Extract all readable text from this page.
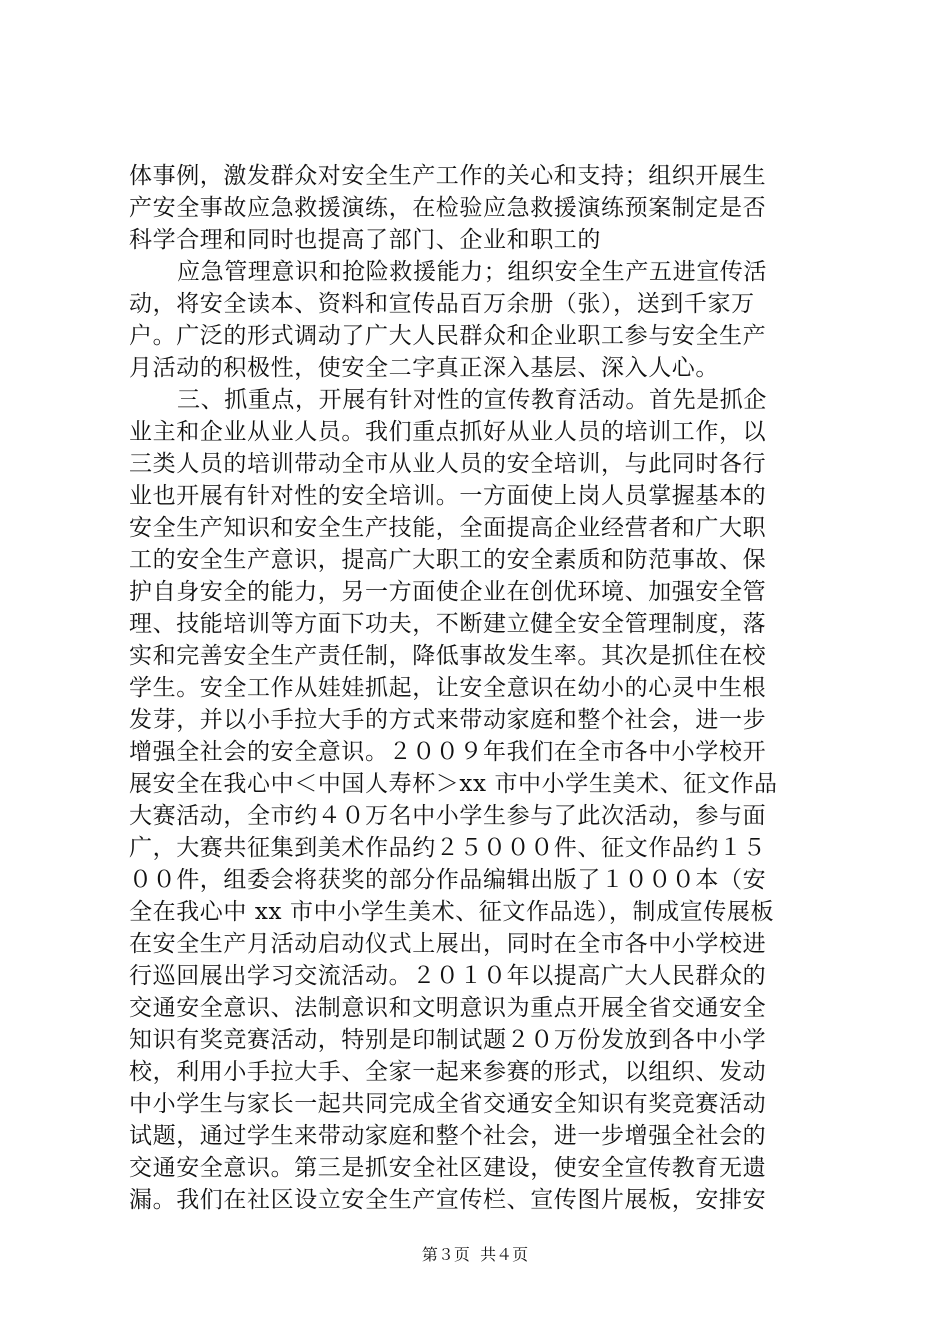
体事例，激发群众对安全生产工作的关心和支持；组织开展生
产安全事故应急救援演练，在检验应急救援演练预案制定是否
科学合理和同时也提高了部门、企业和职工的
应急管理意识和抢险救援能力；组织安全生产五进宣传活
动，将安全读本、资料和宣传品百万余册（张），送到千家万
户。广泛的形式调动了广大人民群众和企业职工参与安全生产
月活动的积极性，使安全二字真正深入基层、深入人心。
三、抓重点，开展有针对性的宣传教育活动。首先是抓企
业主和企业从业人员。我们重点抓好从业人员的培训工作，以
三类人员的培训带动全市从业人员的安全培训，与此同时各行
业也开展有针对性的安全培训。一方面使上岗人员掌握基本的
安全生产知识和安全生产技能，全面提高企业经营者和广大职
工的安全生产意识，提高广大职工的安全素质和防范事故、保
护自身安全的能力，另一方面使企业在创优环境、加强安全管
理、技能培训等方面下功夫，不断建立健全安全管理制度，落
实和完善安全生产责任制，降低事故发生率。其次是抓住在校
学生。安全工作从娃娃抓起，让安全意识在幼小的心灵中生根
发芽，并以小手拉大手的方式来带动家庭和整个社会，进一步
增强全社会的安全意识。２００９年我们在全市各中小学校开
展安全在我心中＜中国人寿杯＞xx 市中小学生美术、征文作品
大赛活动，全市约４０万名中小学生参与了此次活动，参与面
广，大赛共征集到美术作品约２５０００件、征文作品约１５
００件，组委会将获奖的部分作品编辑出版了１０００本（安
全在我心中 xx 市中小学生美术、征文作品选），制成宣传展板
在安全生产月活动启动仪式上展出，同时在全市各中小学校进
行巡回展出学习交流活动。２０１０年以提高广大人民群众的
交通安全意识、法制意识和文明意识为重点开展全省交通安全
知识有奖竞赛活动，特别是印制试题２０万份发放到各中小学
校，利用小手拉大手、全家一起来参赛的形式，以组织、发动
中小学生与家长一起共同完成全省交通安全知识有奖竞赛活动
试题，通过学生来带动家庭和整个社会，进一步增强全社会的
交通安全意识。第三是抓安全社区建设，使安全宣传教育无遗
漏。我们在社区设立安全生产宣传栏、宣传图片展板，安排安
第３页  共４页
